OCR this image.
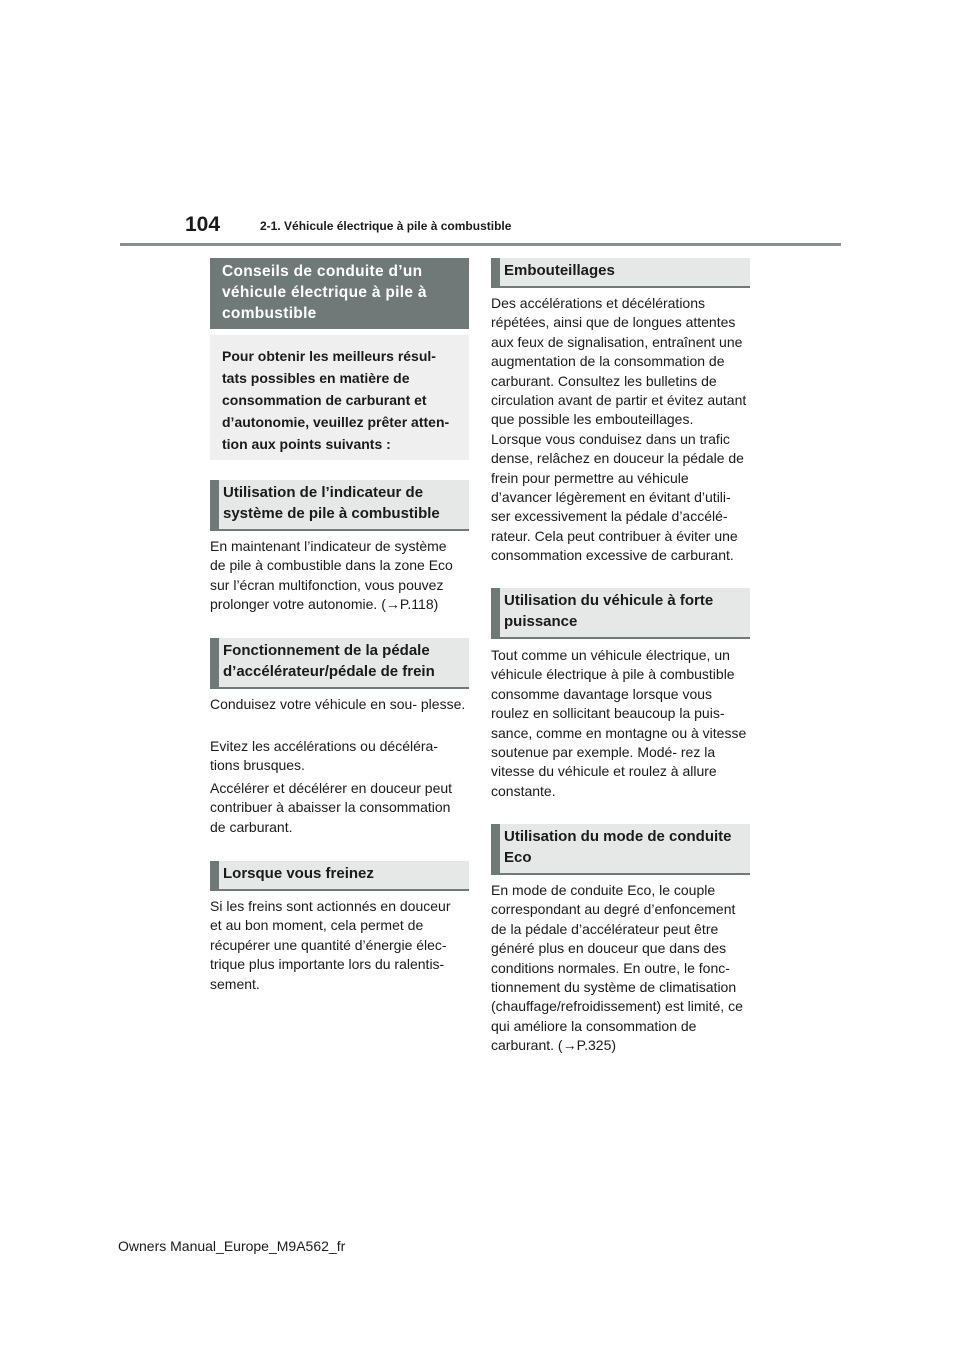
104	2-1. Véhicule électrique à pile à combustible
Conseils de conduite d’un véhicule électrique à pile à combustible
Pour obtenir les meilleurs résul- tats possibles en matière de consommation de carburant et d’autonomie, veuillez prêter atten- tion aux points suivants :
Utilisation de l’indicateur de système de pile à combustible

En maintenant l’indicateur de système de pile à combustible dans la zone Eco sur l’écran multifonction, vous pouvez prolonger votre autonomie. (→P.118)

Fonctionnement de la pédale d’accélérateur/pédale de frein

Conduisez votre véhicule en sou- plesse.

Evitez les accélérations ou décéléra- tions brusques.

Accélérer et décélérer en douceur peut contribuer à abaisser la consommation de carburant.

Lorsque vous freinez

Si les freins sont actionnés en douceur et au bon moment, cela permet de récupérer une quantité d’énergie élec- trique plus importante lors du ralentis- sement.

Embouteillages

Des accélérations et décélérations répétées, ainsi que de longues attentes aux feux de signalisation, entraînent une augmentation de la consommation de carburant. Consultez les bulletins de circulation avant de partir et évitez autant que possible les embouteillages. Lorsque vous conduisez dans un trafic dense, relâchez en douceur la pédale de frein pour permettre au véhicule d’avancer légèrement en évitant d’utili- ser excessivement la pédale d’accélé- rateur. Cela peut contribuer à éviter une consommation excessive de carburant.

Utilisation du véhicule à forte puissance

Tout comme un véhicule électrique, un véhicule électrique à pile à combustible consomme davantage lorsque vous roulez en sollicitant beaucoup la puis- sance, comme en montagne ou à vitesse soutenue par exemple. Modé- rez la vitesse du véhicule et roulez à allure constante.

Utilisation du mode de conduite Eco

En mode de conduite Eco, le couple correspondant au degré d’enfoncement de la pédale d’accélérateur peut être généré plus en douceur que dans des conditions normales. En outre, le fonc- tionnement du système de climatisation (chauffage/refroidissement) est limité, ce qui améliore la consommation de carburant. (→P.325)

Owners Manual_Europe_M9A562_fr
